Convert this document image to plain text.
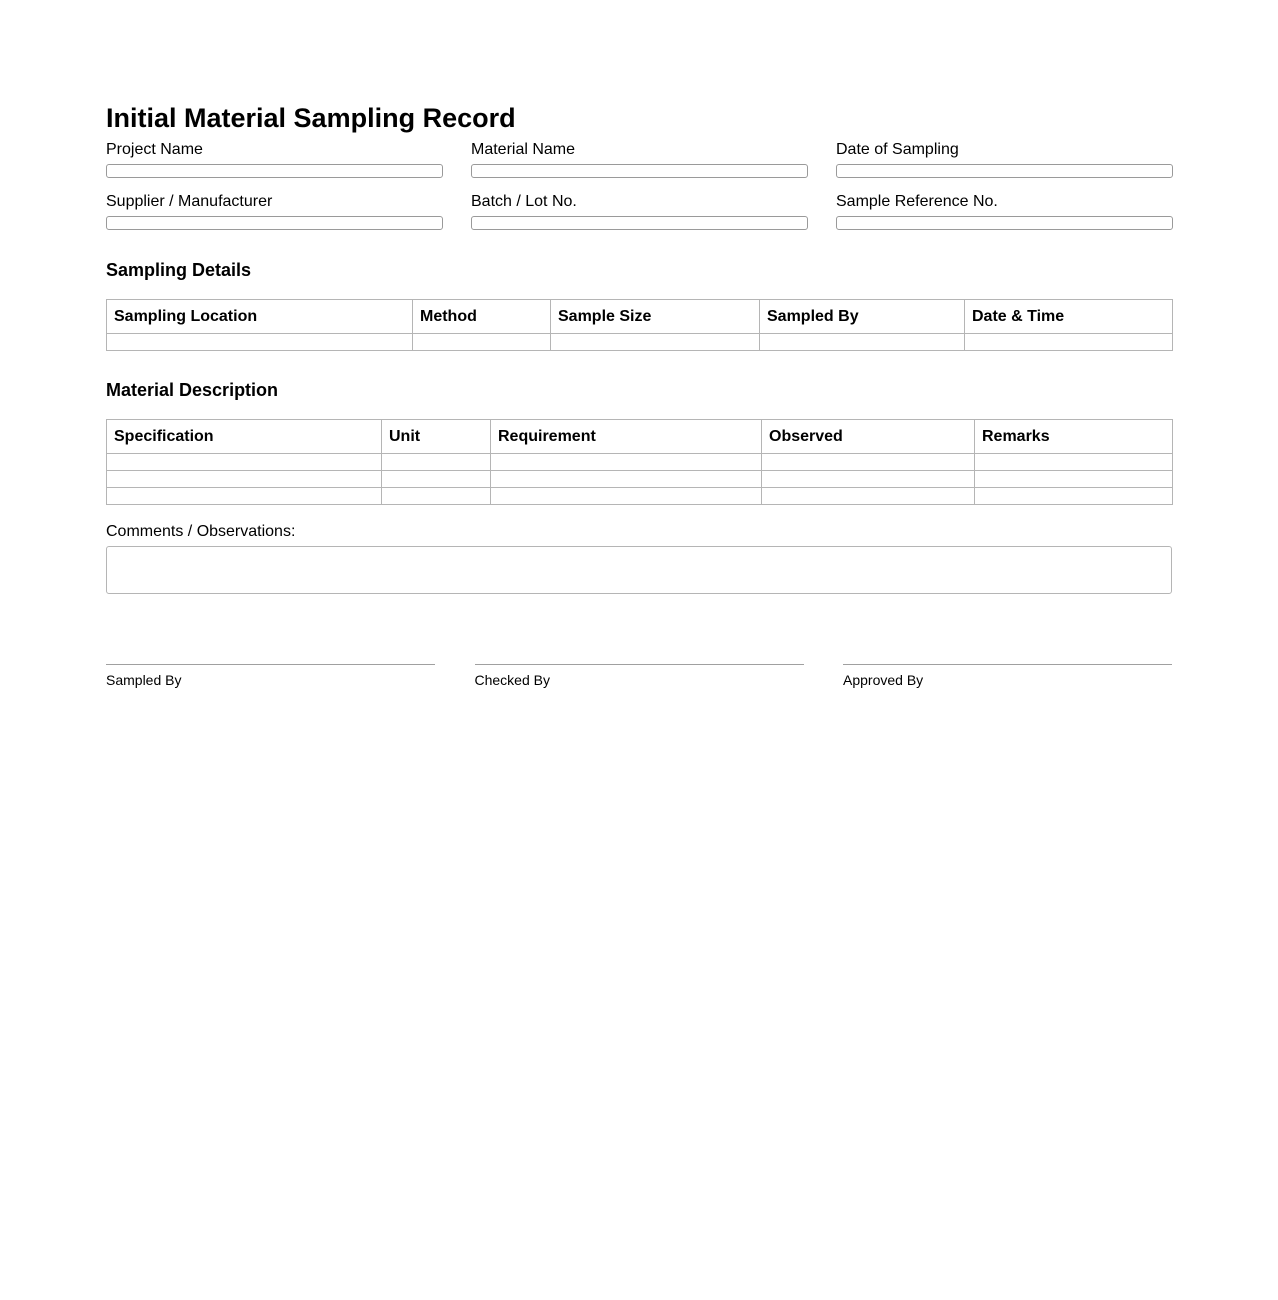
Initial Material Sampling Record
Project Name	Material Name	Date of Sampling
Supplier / Manufacturer	Batch / Lot No.	Sample Reference No.
Sampling Details
Sampling Location	Method	Sample Size	Sampled By	Date & Time

Material Description
Specification	Unit	Requirement	Observed	Remarks

Comments / Observations:
Sampled By	Checked By	Approved By
